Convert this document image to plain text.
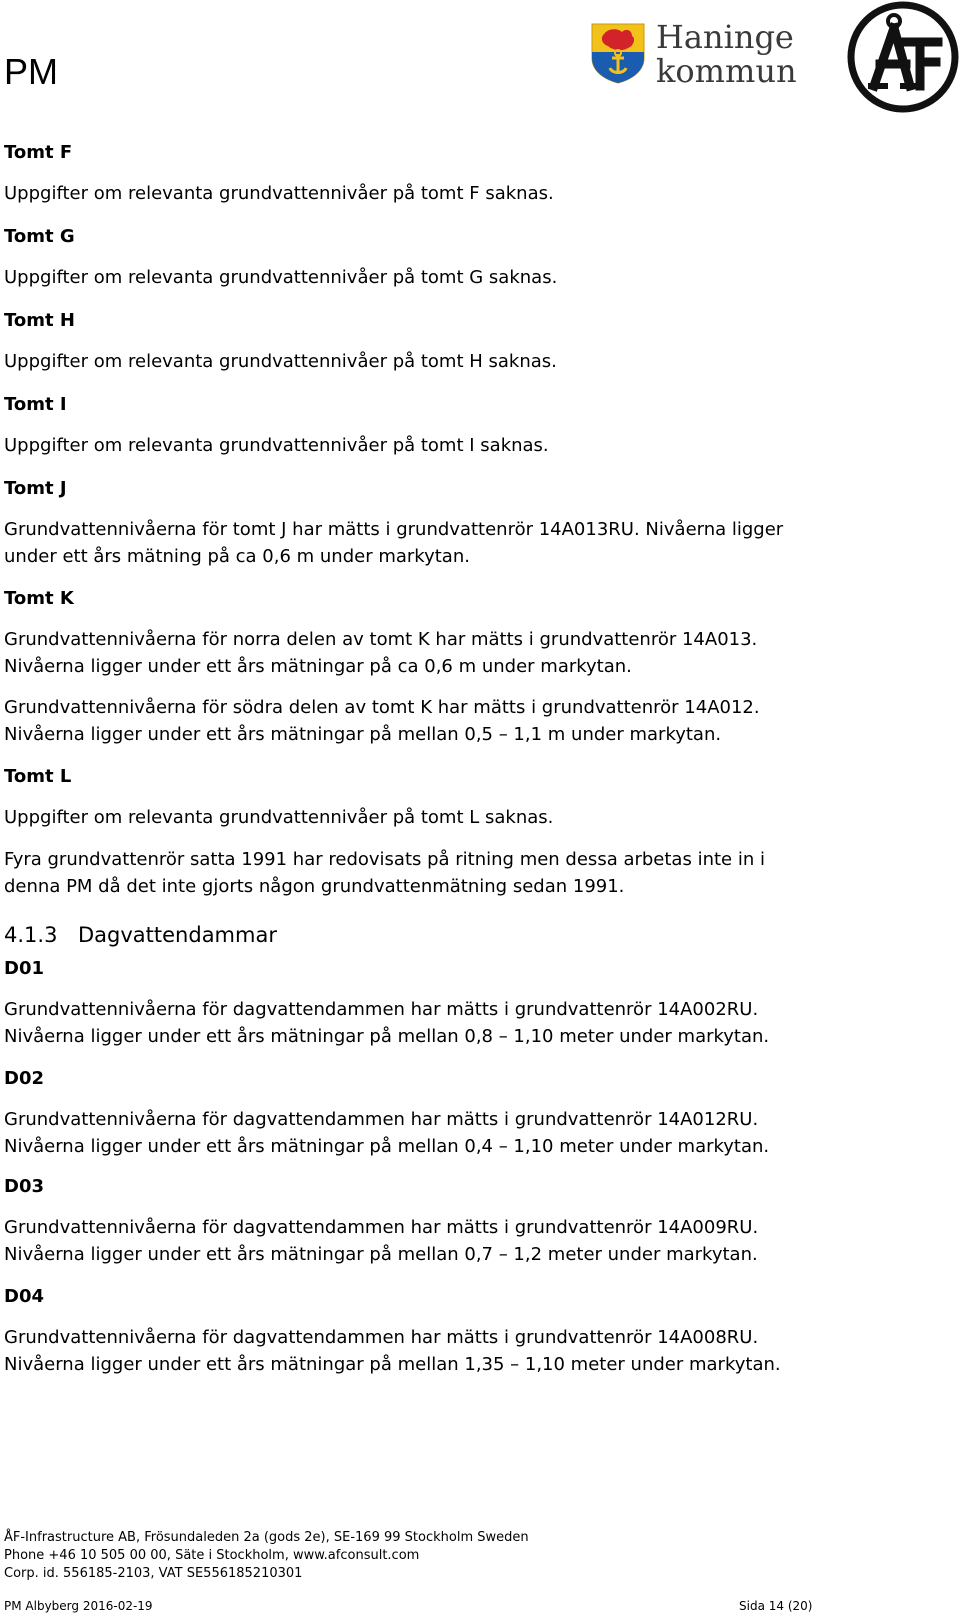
PM
Haninge
kommun
Tomt F
Uppgifter om relevanta grundvattennivåer på tomt F saknas.
Tomt G
Uppgifter om relevanta grundvattennivåer på tomt G saknas.
Tomt H
Uppgifter om relevanta grundvattennivåer på tomt H saknas.
Tomt I
Uppgifter om relevanta grundvattennivåer på tomt I saknas.
Tomt J
Grundvattennivåerna för tomt J har mätts i grundvattenrör 14A013RU. Nivåerna ligger under ett års mätning på ca 0,6 m under markytan.
Tomt K
Grundvattennivåerna för norra delen av tomt K har mätts i grundvattenrör 14A013. Nivåerna ligger under ett års mätningar på ca 0,6 m under markytan.
Grundvattennivåerna för södra delen av tomt K har mätts i grundvattenrör 14A012. Nivåerna ligger under ett års mätningar på mellan 0,5 – 1,1 m under markytan.
Tomt L
Uppgifter om relevanta grundvattennivåer på tomt L saknas.
Fyra grundvattenrör satta 1991 har redovisats på ritning men dessa arbetas inte in i denna PM då det inte gjorts någon grundvattenmätning sedan 1991.
4.1.3 Dagvattendammar
D01
Grundvattennivåerna för dagvattendammen har mätts i grundvattenrör 14A002RU. Nivåerna ligger under ett års mätningar på mellan 0,8 – 1,10 meter under markytan.
D02
Grundvattennivåerna för dagvattendammen har mätts i grundvattenrör 14A012RU. Nivåerna ligger under ett års mätningar på mellan 0,4 – 1,10 meter under markytan.
D03
Grundvattennivåerna för dagvattendammen har mätts i grundvattenrör 14A009RU. Nivåerna ligger under ett års mätningar på mellan 0,7 – 1,2 meter under markytan.
D04
Grundvattennivåerna för dagvattendammen har mätts i grundvattenrör 14A008RU. Nivåerna ligger under ett års mätningar på mellan 1,35 – 1,10 meter under markytan.
ÅF-Infrastructure AB, Frösundaleden 2a (gods 2e), SE-169 99 Stockholm Sweden
Phone +46 10 505 00 00, Säte i Stockholm, www.afconsult.com
Corp. id. 556185-2103, VAT SE556185210301
PM Albyberg 2016-02-19	Sida 14 (20)
